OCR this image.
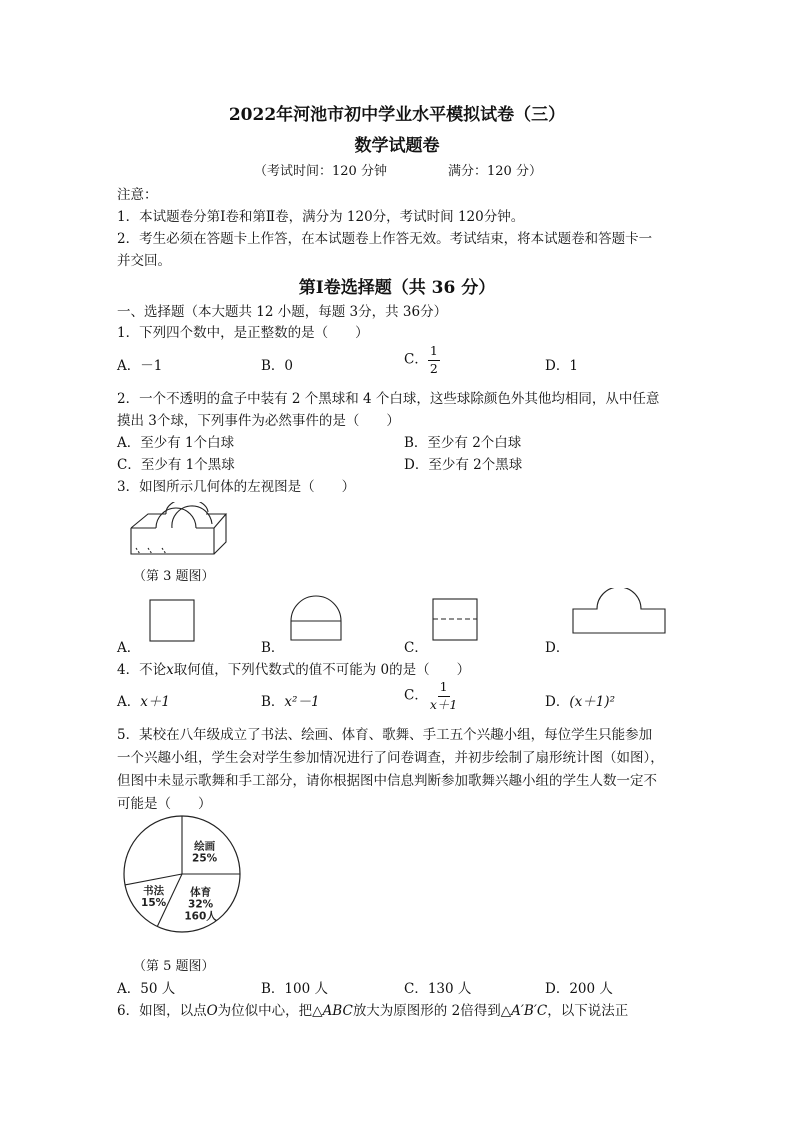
2022年河池市初中学业水平模拟试卷（三）
数学试题卷
（考试时间：120 分钟	满分：120 分）
注意：
1．本试题卷分第Ⅰ卷和第Ⅱ卷，满分为 120分，考试时间 120分钟。
2．考生必须在答题卡上作答，在本试题卷上作答无效。考试结束，将本试题卷和答题卡一
并交回。
第Ⅰ卷选择题（共 36 分）
一、选择题（本大题共 12 小题，每题 3分，共 36分）
1．下列四个数中，是正整数的是（　　）
A．－1	B．0	C． $\frac{1}{2}$	D．1
2．一个不透明的盒子中装有 2 个黑球和 4 个白球，这些球除颜色外其他均相同，从中任意
摸出 3个球，下列事件为必然事件的是（　　）
A．至少有 1个白球	B．至少有 2个白球
C．至少有 1个黑球	D．至少有 2个黑球
3．如图所示几何体的左视图是（　　）
（第 3 题图）
A．	B．	C．	D．
4．不论x取何值，下列代数式的值不可能为 0的是（　　）
A．x＋1	B．x²－1	C． $\frac{1}{x+1}$	D．(x＋1)²
5．某校在八年级成立了书法、绘画、体育、歌舞、手工五个兴趣小组，每位学生只能参加
一个兴趣小组，学生会对学生参加情况进行了问卷调查，并初步绘制了扇形统计图（如图），
但图中未显示歌舞和手工部分，请你根据图中信息判断参加歌舞兴趣小组的学生人数一定不
可能是（　　）
绘画 25%
体育 32% 160人
书法 15%
（第 5 题图）
A．50 人	B．100 人	C．130 人	D．200 人
6．如图，以点O为位似中心，把△ABC放大为原图形的 2倍得到△A′B′C，以下说法正
